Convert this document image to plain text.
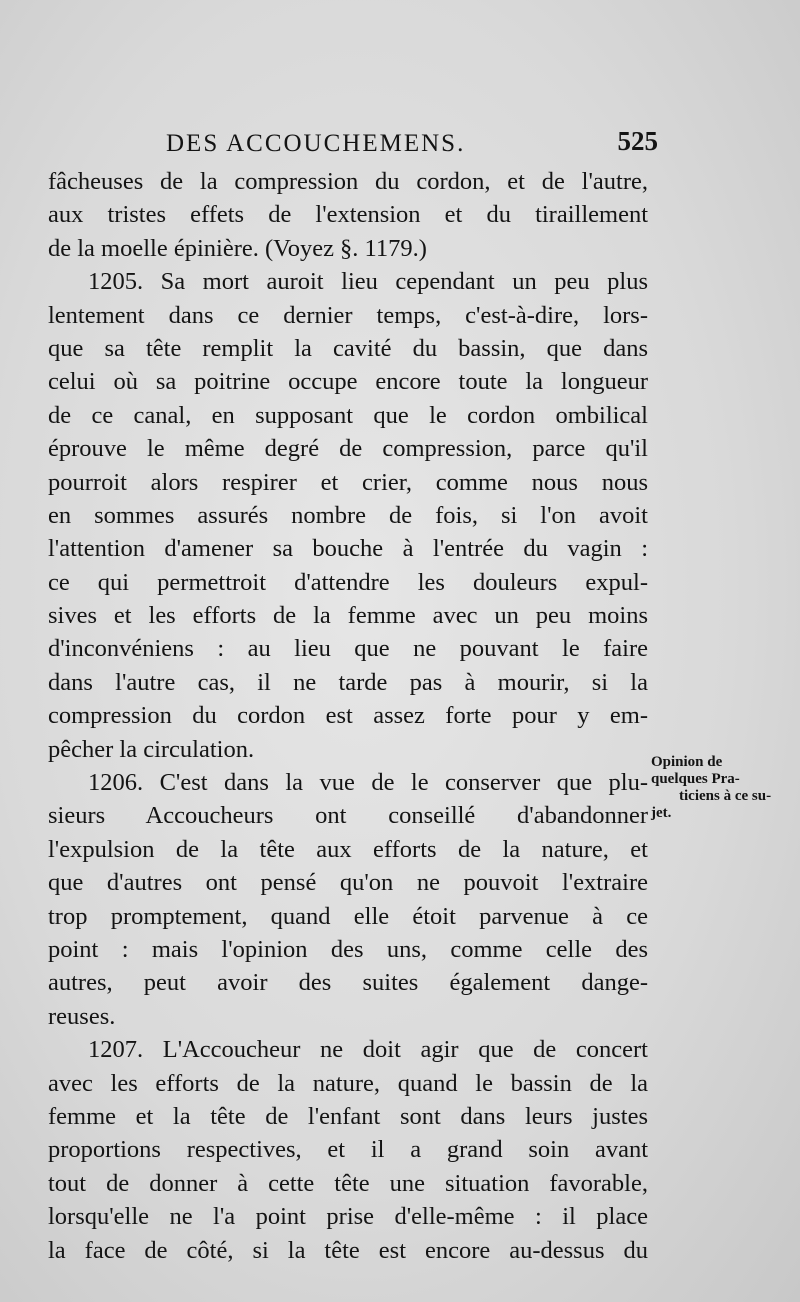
DES ACCOUCHEMENS.	525
fâcheuses de la compression du cordon, et de l'autre,
aux tristes effets de l'extension et du tiraillement
de la moelle épinière. (Voyez §. 1179.)
1205. Sa mort auroit lieu cependant un peu plus
lentement dans ce dernier temps, c'est-à-dire, lors-
que sa tête remplit la cavité du bassin, que dans
celui où sa poitrine occupe encore toute la longueur
de ce canal, en supposant que le cordon ombilical
éprouve le même degré de compression, parce qu'il
pourroit alors respirer et crier, comme nous nous
en sommes assurés nombre de fois, si l'on avoit
l'attention d'amener sa bouche à l'entrée du vagin :
ce qui permettroit d'attendre les douleurs expul-
sives et les efforts de la femme avec un peu moins
d'inconvéniens : au lieu que ne pouvant le faire
dans l'autre cas, il ne tarde pas à mourir, si la
compression du cordon est assez forte pour y em-
pêcher la circulation.
1206. C'est dans la vue de le conserver que plu-
sieurs Accoucheurs ont conseillé d'abandonner
l'expulsion de la tête aux efforts de la nature, et
que d'autres ont pensé qu'on ne pouvoit l'extraire
trop promptement, quand elle étoit parvenue à ce
point : mais l'opinion des uns, comme celle des
autres, peut avoir des suites également dange-
reuses.
1207. L'Accoucheur ne doit agir que de concert
avec les efforts de la nature, quand le bassin de la
femme et la tête de l'enfant sont dans leurs justes
proportions respectives, et il a grand soin avant
tout de donner à cette tête une situation favorable,
lorsqu'elle ne l'a point prise d'elle-même : il place
la face de côté, si la tête est encore au-dessus du
Opinion de
quelques Pra-
ticiens à ce su-
jet.
